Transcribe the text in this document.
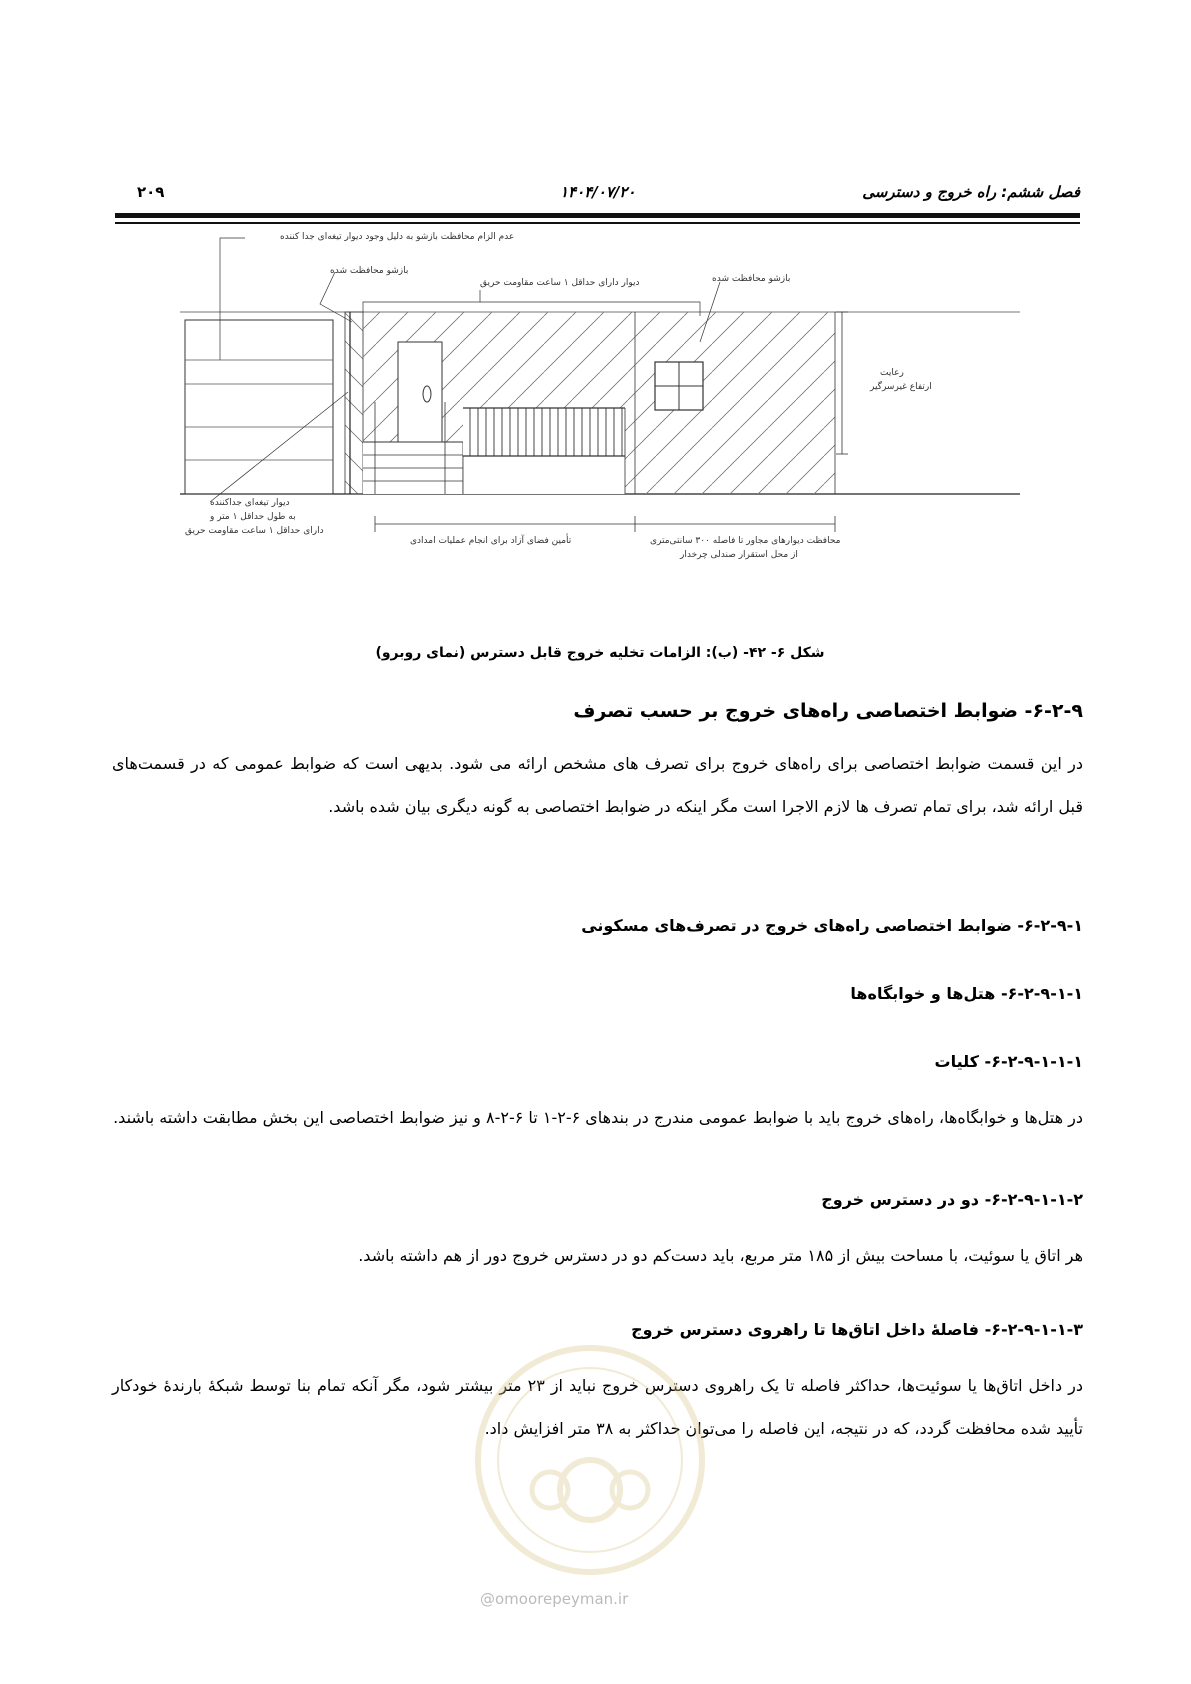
فصل ششم: راه خروج و دسترسی
۱۴۰۴/۰۷/۲۰
۲۰۹
عدم الزام محافظت بازشو به دلیل وجود دیوار تیغه‌ای جدا کننده
بازشو محافظت شده
دیوار دارای حداقل ۱ ساعت مقاومت حریق	بازشو محافظت شده
رعایت
ارتفاع غیرسرگیر
دیوار تیغه‌ای جداکننده
به طول حداقل ۱ متر و
دارای حداقل ۱ ساعت مقاومت حریق
تأمین فضای آزاد برای انجام عملیات امدادی	محافظت دیوارهای مجاور تا فاصله ۳۰۰ سانتی‌متری
از محل استقرار صندلی چرخدار
شکل ۶- ۴۲- (ب): الزامات تخلیه خروج قابل دسترس (نمای روبرو)
۶-۲-۹- ضوابط اختصاصی راه‌های خروج بر حسب تصرف
در این قسمت ضوابط اختصاصی برای راه‌های خروج برای تصرف های مشخص ارائه می شود. بدیهی است که ضوابط عمومی که در قسمت‌های قبل ارائه شد، برای تمام تصرف ها لازم الاجرا است مگر اینکه در ضوابط اختصاصی به گونه دیگری بیان شده باشد.
۶-۲-۹-۱- ضوابط اختصاصی راه‌های خروج در تصرف‌های مسکونی
۶-۲-۹-۱-۱- هتل‌ها و خوابگاه‌ها
۶-۲-۹-۱-۱-۱- کلیات
در هتل‌ها و خوابگاه‌ها، راه‌های خروج باید با ضوابط عمومی مندرج در بندهای ۶-۲-۱ تا ۶-۲-۸ و نیز ضوابط اختصاصی این بخش مطابقت داشته باشند.
۶-۲-۹-۱-۱-۲- دو در دسترس خروج
هر اتاق یا سوئیت، با مساحت بیش از ۱۸۵ متر مربع، باید دست‌کم دو در دسترس خروج دور از هم داشته باشد.
۶-۲-۹-۱-۱-۳- فاصلهٔ داخل اتاق‌ها تا راهروی دسترس خروج
در داخل اتاق‌ها یا سوئیت‌ها، حداکثر فاصله تا یک راهروی دسترس خروج نباید از ۲۳ متر بیشتر شود، مگر آنکه تمام بنا توسط شبکهٔ بارندهٔ خودکار تأیید شده محافظت گردد، که در نتیجه، این فاصله را می‌توان حداکثر به ۳۸ متر افزایش داد.
@omoorepeyman.ir
